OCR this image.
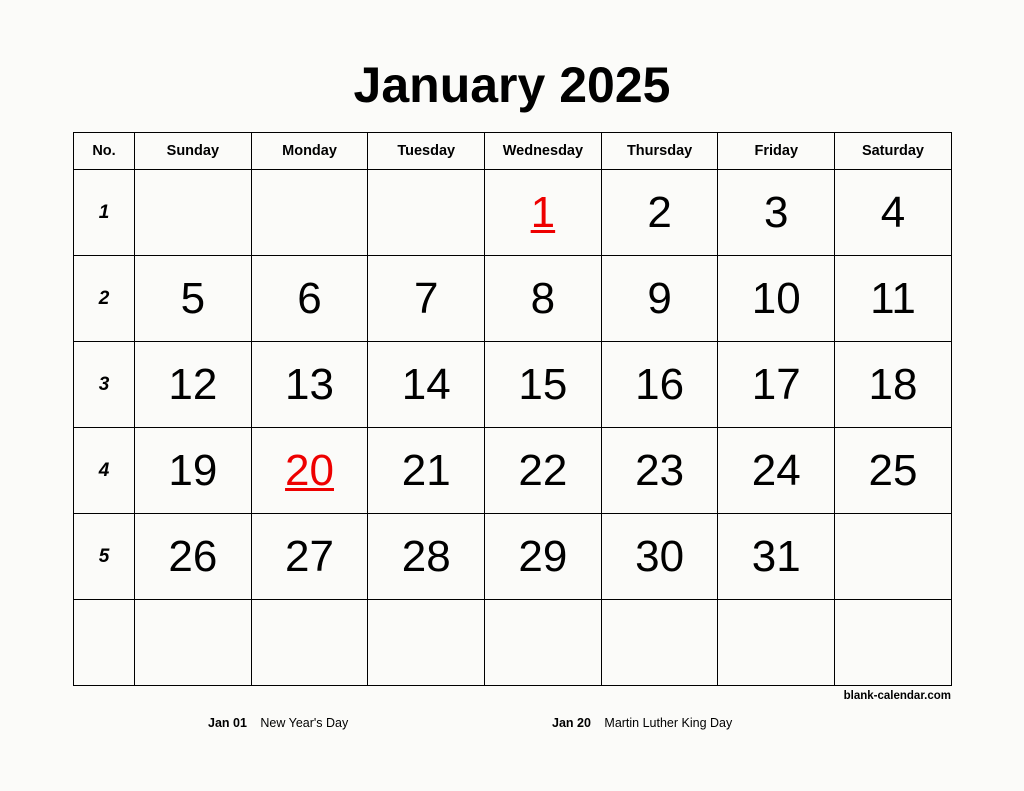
January 2025
No.	Sunday	Monday	Tuesday	Wednesday	Thursday	Friday	Saturday
1				1	2	3	4
2	5	6	7	8	9	10	11
3	12	13	14	15	16	17	18
4	19	20	21	22	23	24	25
5	26	27	28	29	30	31	

blank-calendar.com
Jan 01 New Year's Day	Jan 20 Martin Luther King Day
